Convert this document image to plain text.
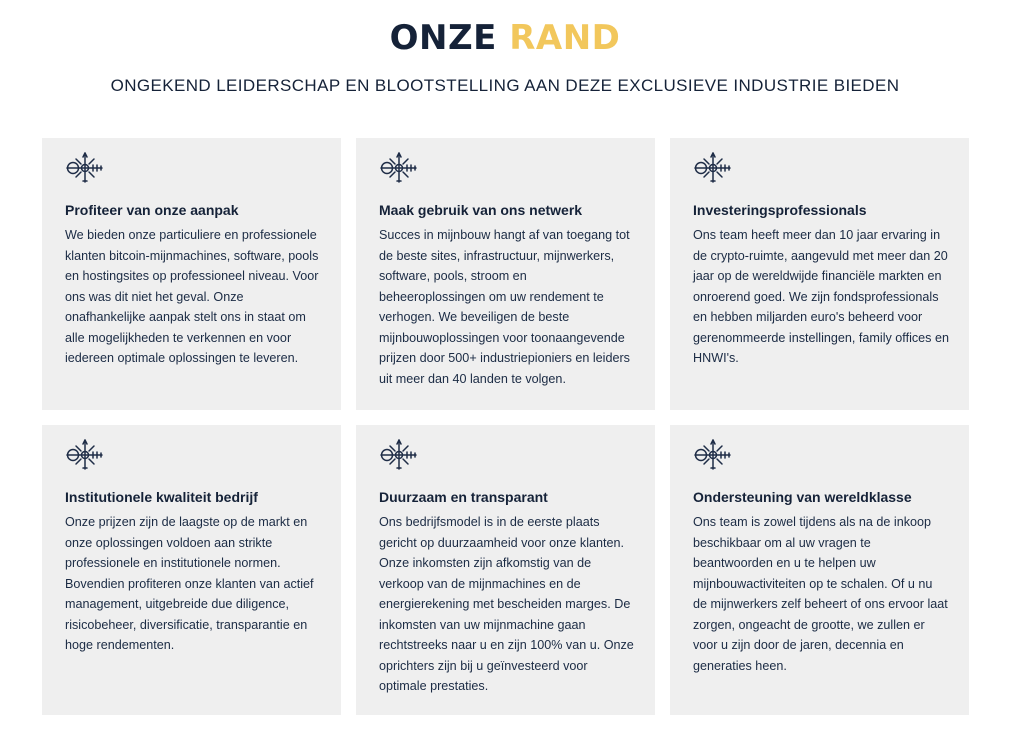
ONZE RAND
ONGEKEND LEIDERSCHAP EN BLOOTSTELLING AAN DEZE EXCLUSIEVE INDUSTRIE BIEDEN
Profiteer van onze aanpak
We bieden onze particuliere en professionele klanten bitcoin-mijnmachines, software, pools en hostingsites op professioneel niveau. Voor ons was dit niet het geval. Onze onafhankelijke aanpak stelt ons in staat om alle mogelijkheden te verkennen en voor iedereen optimale oplossingen te leveren.
Maak gebruik van ons netwerk
Succes in mijnbouw hangt af van toegang tot de beste sites, infrastructuur, mijnwerkers, software, pools, stroom en beheeroplossingen om uw rendement te verhogen. We beveiligen de beste mijnbouwoplossingen voor toonaangevende prijzen door 500+ industriepioniers en leiders uit meer dan 40 landen te volgen.
Investeringsprofessionals
Ons team heeft meer dan 10 jaar ervaring in de crypto-ruimte, aangevuld met meer dan 20 jaar op de wereldwijde financiële markten en onroerend goed. We zijn fondsprofessionals en hebben miljarden euro's beheerd voor gerenommeerde instellingen, family offices en HNWI's.
Institutionele kwaliteit bedrijf
Onze prijzen zijn de laagste op de markt en onze oplossingen voldoen aan strikte professionele en institutionele normen. Bovendien profiteren onze klanten van actief management, uitgebreide due diligence, risicobeheer, diversificatie, transparantie en hoge rendementen.
Duurzaam en transparant
Ons bedrijfsmodel is in de eerste plaats gericht op duurzaamheid voor onze klanten. Onze inkomsten zijn afkomstig van de verkoop van de mijnmachines en de energierekening met bescheiden marges. De inkomsten van uw mijnmachine gaan rechtstreeks naar u en zijn 100% van u. Onze oprichters zijn bij u geïnvesteerd voor optimale prestaties.
Ondersteuning van wereldklasse
Ons team is zowel tijdens als na de inkoop beschikbaar om al uw vragen te beantwoorden en u te helpen uw mijnbouwactiviteiten op te schalen. Of u nu de mijnwerkers zelf beheert of ons ervoor laat zorgen, ongeacht de grootte, we zullen er voor u zijn door de jaren, decennia en generaties heen.
